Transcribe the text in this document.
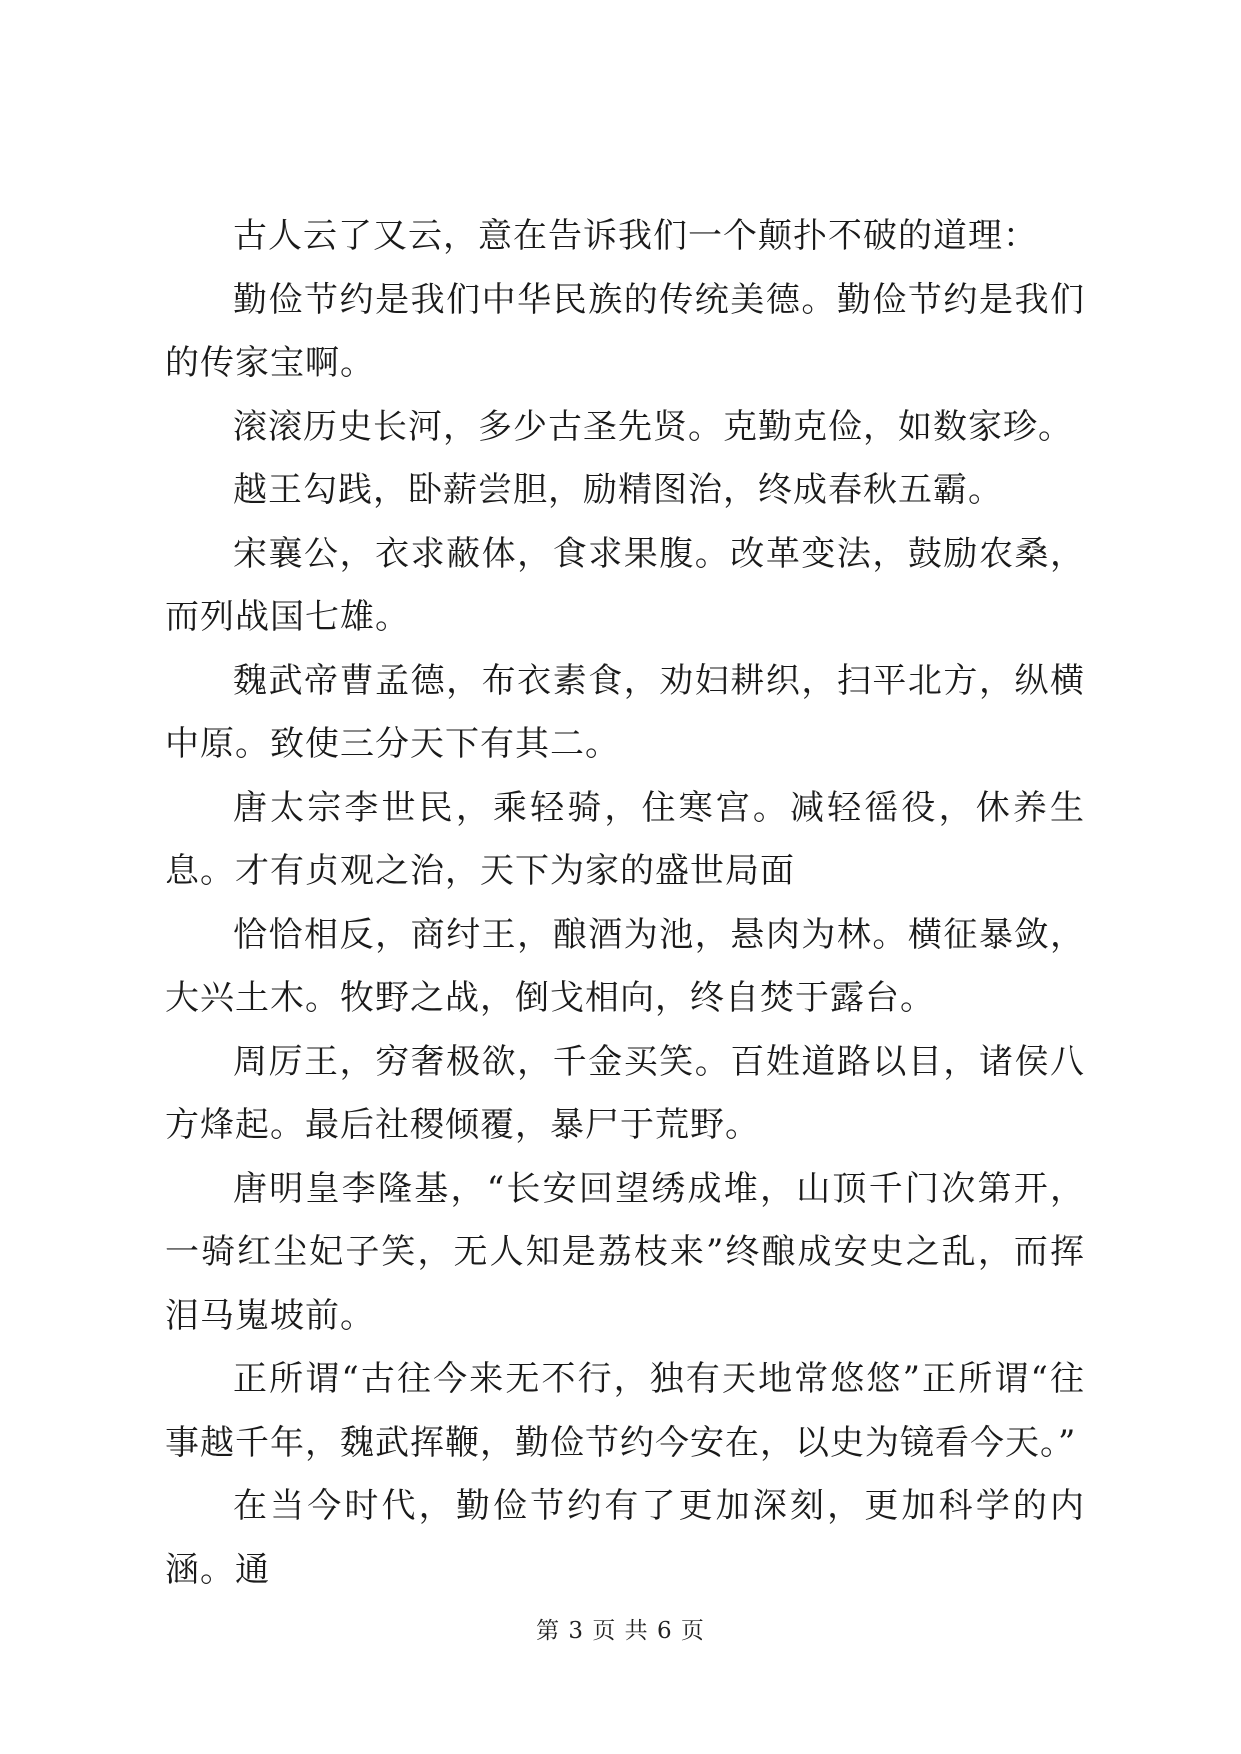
古人云了又云，意在告诉我们一个颠扑不破的道理：

勤俭节约是我们中华民族的传统美德。勤俭节约是我们的传家宝啊。

滚滚历史长河，多少古圣先贤。克勤克俭，如数家珍。

越王勾践，卧薪尝胆，励精图治，终成春秋五霸。

宋襄公，衣求蔽体，食求果腹。改革变法，鼓励农桑，而列战国七雄。

魏武帝曹孟德，布衣素食，劝妇耕织，扫平北方，纵横中原。致使三分天下有其二。

唐太宗李世民，乘轻骑，住寒宫。减轻徭役，休养生息。才有贞观之治，天下为家的盛世局面

恰恰相反，商纣王，酿酒为池，悬肉为林。横征暴敛，大兴土木。牧野之战，倒戈相向，终自焚于露台。

周厉王，穷奢极欲，千金买笑。百姓道路以目，诸侯八方烽起。最后社稷倾覆，暴尸于荒野。

唐明皇李隆基，“长安回望绣成堆，山顶千门次第开，一骑红尘妃子笑，无人知是荔枝来”终酿成安史之乱，而挥泪马嵬坡前。

正所谓“古往今来无不行，独有天地常悠悠”正所谓“往事越千年，魏武挥鞭，勤俭节约今安在，以史为镜看今天。”

在当今时代，勤俭节约有了更加深刻，更加科学的内涵。通

第 3 页 共 6 页
